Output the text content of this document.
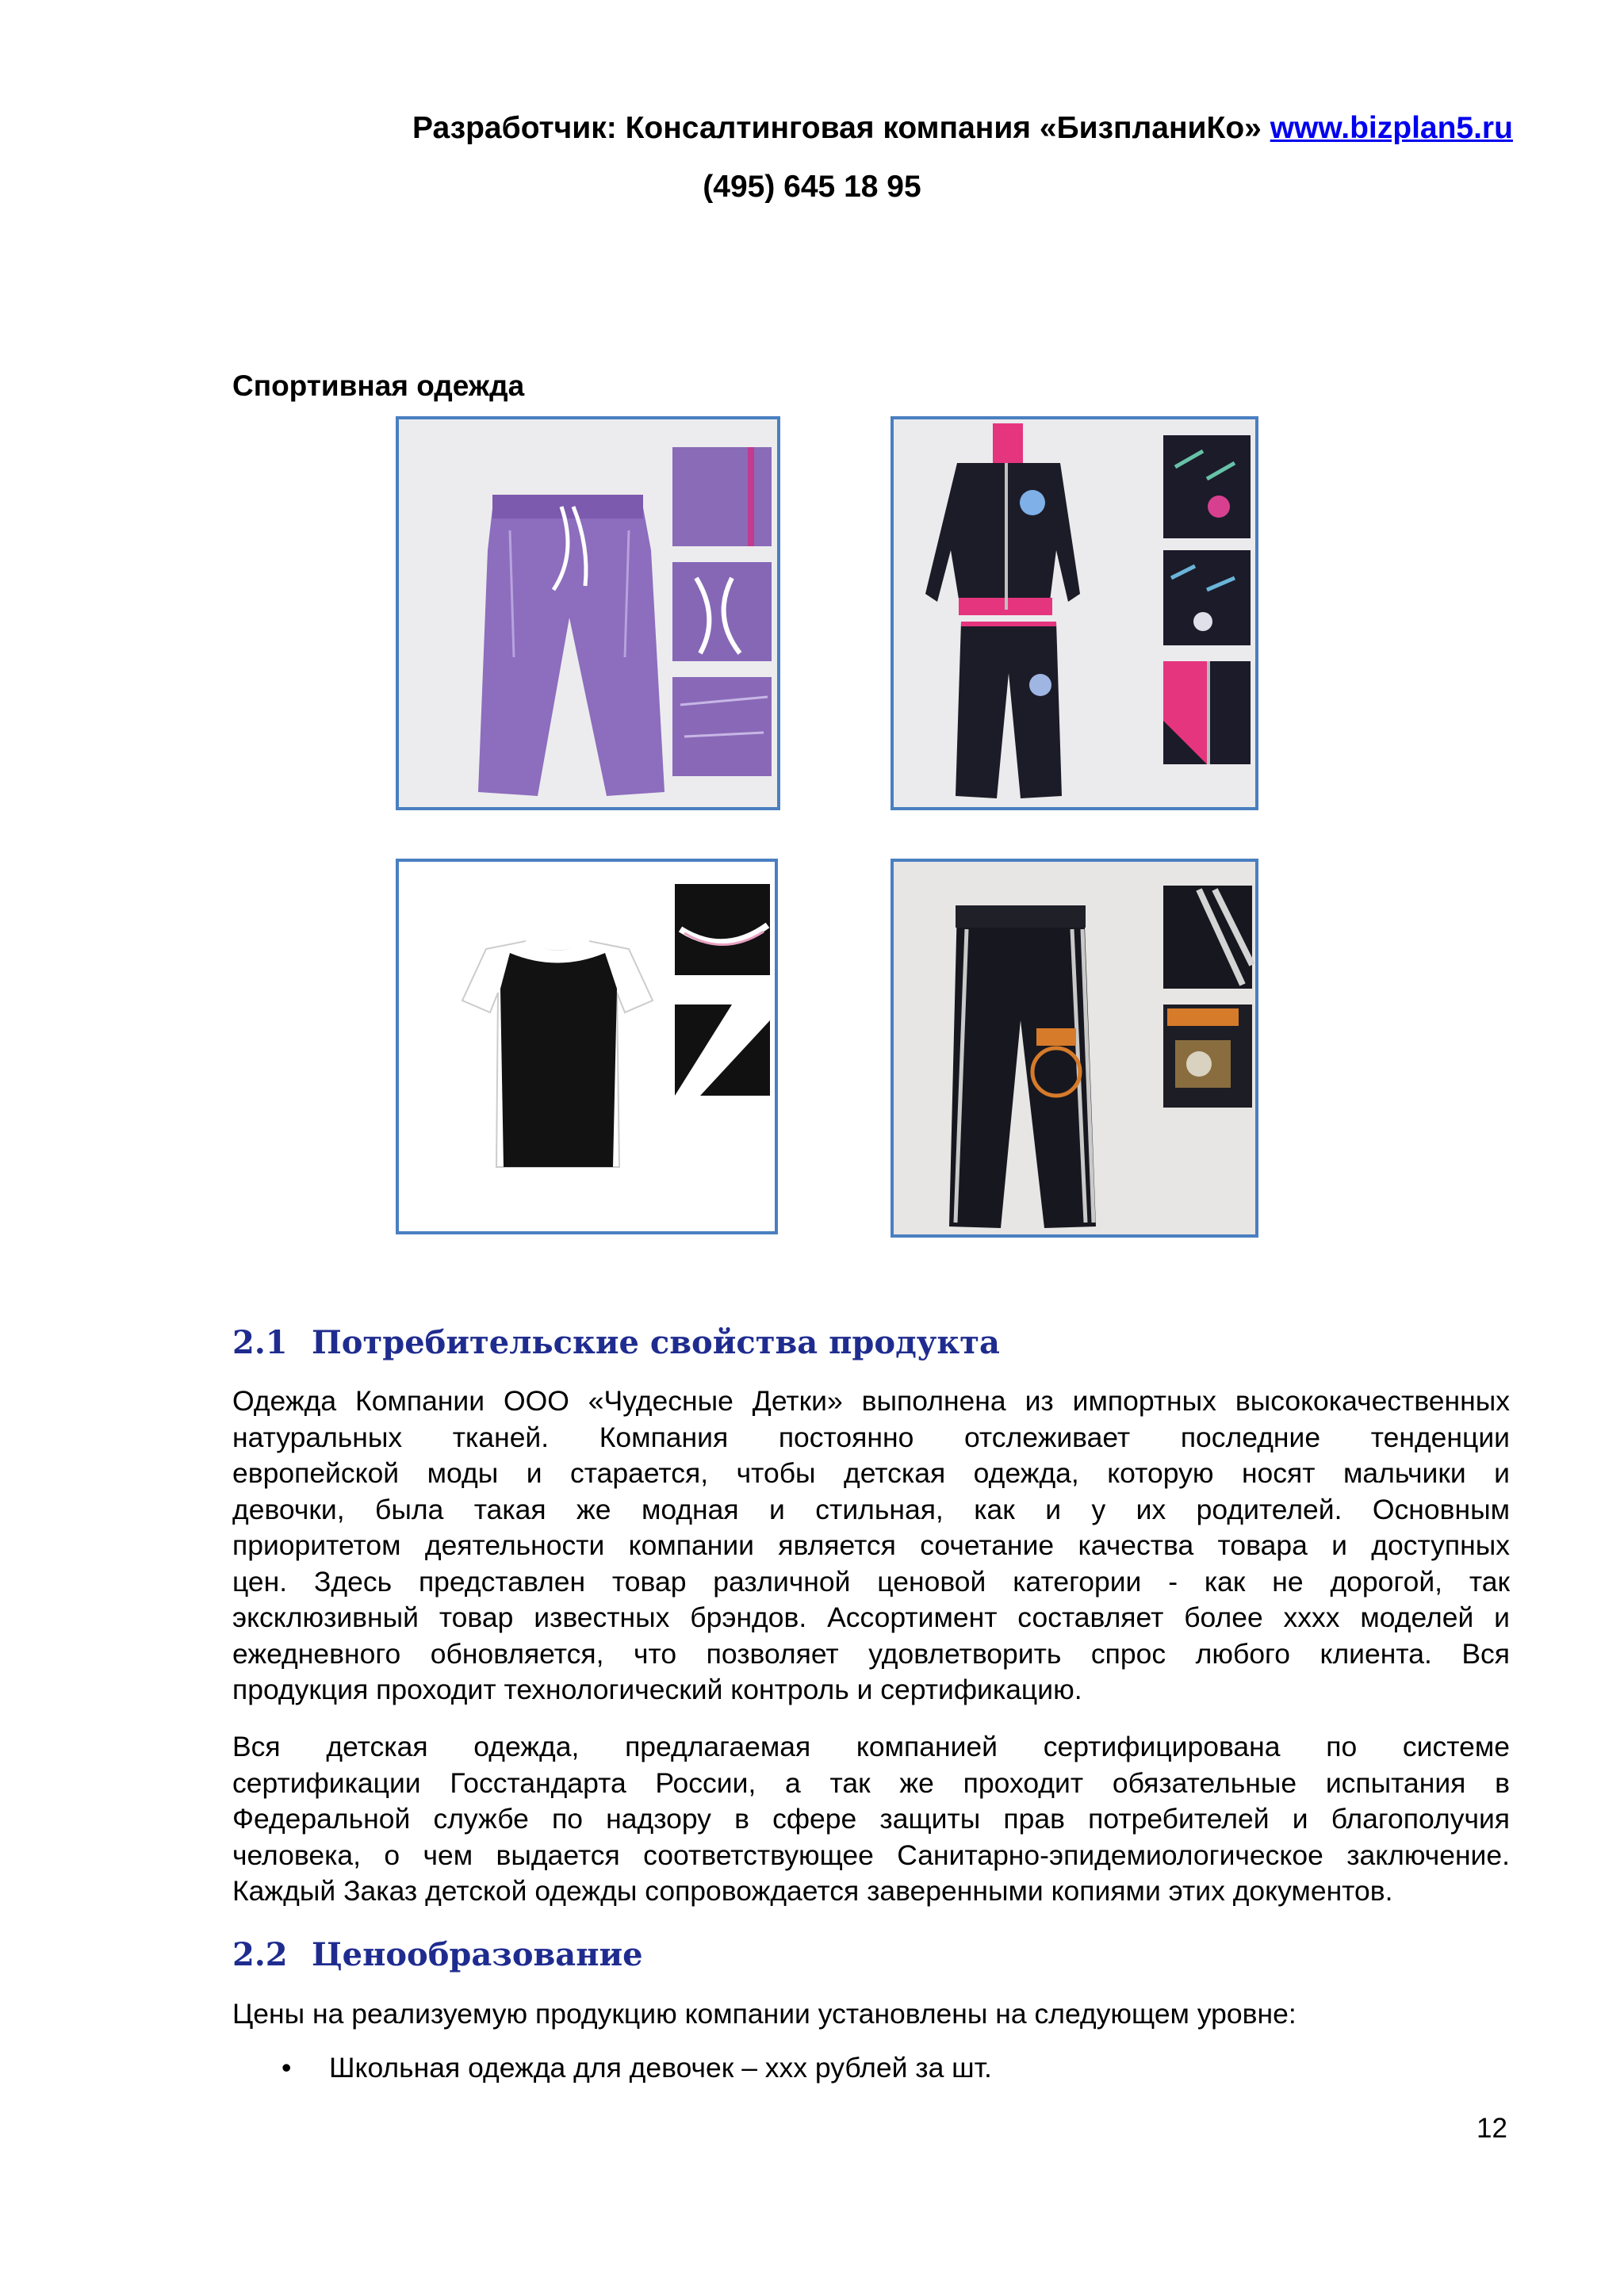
Разработчик: Консалтинговая компания «БизпланиКо» www.bizplan5.ru
(495) 645 18 95
Спортивная одежда
2.1 Потребительские свойства продукта
Одежда Компании ООО «Чудесные Детки» выполнена из импортных высококачественных
натуральных тканей. Компания постоянно отслеживает последние тенденции
европейской моды и старается, чтобы детская одежда, которую носят мальчики и
девочки, была такая же модная и стильная, как и у их родителей. Основным
приоритетом деятельности компании является сочетание качества товара и доступных
цен. Здесь представлен товар различной ценовой категории - как не дорогой, так
эксклюзивный товар известных брэндов. Ассортимент составляет более хххх моделей и
ежедневного обновляется, что позволяет удовлетворить спрос любого клиента. Вся
продукция проходит технологический контроль и сертификацию.
Вся детская одежда, предлагаемая компанией сертифицирована по системе
сертификации Госстандарта России, а так же проходит обязательные испытания в
Федеральной службе по надзору в сфере защиты прав потребителей и благополучия
человека, о чем выдается соответствующее Санитарно-эпидемиологическое заключение.
Каждый Заказ детской одежды сопровождается заверенными копиями этих документов.
2.2 Ценообразование
Цены на реализуемую продукцию компании установлены на следующем уровне:
• Школьная одежда для девочек – ххх рублей за шт.
12
